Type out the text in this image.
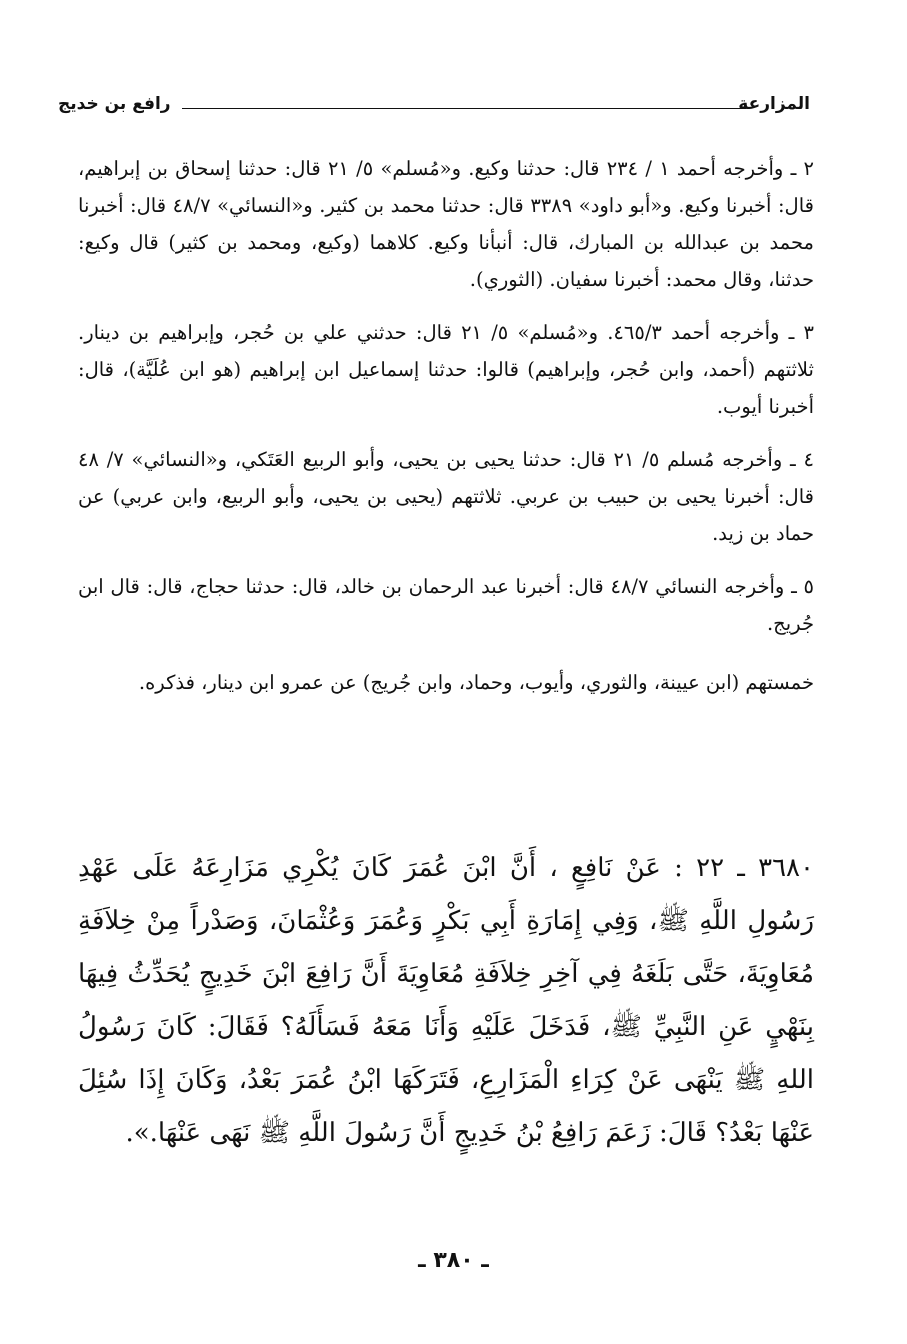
المزارعة
رافع بن خديج

٢ ـ وأخرجه أحمد ١ / ٢٣٤ قال: حدثنا وكيع. و«مُسلم» ٥/ ٢١ قال: حدثنا إسحاق بن إبراهيم، قال: أخبرنا وكيع. و«أبو داود» ٣٣٨٩ قال: حدثنا محمد بن كثير. و«النسائي» ٤٨/٧ قال: أخبرنا محمد بن عبدالله بن المبارك، قال: أنبأنا وكيع. كلاهما (وكيع، ومحمد بن كثير) قال وكيع: حدثنا، وقال محمد: أخبرنا سفيان. (الثوري).

٣ ـ وأخرجه أحمد ٤٦٥/٣. و«مُسلم» ٥/ ٢١ قال: حدثني علي بن حُجر، وإبراهيم بن دينار. ثلاثتهم (أحمد، وابن حُجر، وإبراهيم) قالوا: حدثنا إسماعيل ابن إبراهيم (هو ابن عُلَيَّة)، قال: أخبرنا أيوب.

٤ ـ وأخرجه مُسلم ٥/ ٢١ قال: حدثنا يحيى بن يحيى، وأبو الربيع العَتَكي، و«النسائي» ٧/ ٤٨ قال: أخبرنا يحيى بن حبيب بن عربي. ثلاثتهم (يحيى بن يحيى، وأبو الربيع، وابن عربي) عن حماد بن زيد.

٥ ـ وأخرجه النسائي ٤٨/٧ قال: أخبرنا عبد الرحمان بن خالد، قال: حدثنا حجاج، قال: قال ابن جُريج.

خمستهم (ابن عيينة، والثوري، وأيوب، وحماد، وابن جُريج) عن عمرو ابن دينار، فذكره.

٣٦٨٠ ـ ٢٢ : عَنْ نَافِعٍ ، أَنَّ ابْنَ عُمَرَ كَانَ يُكْرِي مَزَارِعَهُ عَلَى عَهْدِ رَسُولِ اللَّهِ ﷺ، وَفِي إِمَارَةِ أَبِي بَكْرٍ وَعُمَرَ وَعُثْمَانَ، وَصَدْراً مِنْ خِلاَفَةِ مُعَاوِيَةَ، حَتَّى بَلَغَهُ فِي آخِرِ خِلاَفَةِ مُعَاوِيَةَ أَنَّ رَافِعَ ابْنَ خَدِيجٍ يُحَدِّثُ فِيهَا بِنَهْيٍ عَنِ النَّبِيِّ ﷺ، فَدَخَلَ عَلَيْهِ وَأَنَا مَعَهُ فَسَأَلَهُ؟ فَقَالَ: كَانَ رَسُولُ اللهِ ﷺ يَنْهَى عَنْ كِرَاءِ الْمَزَارِعِ، فَتَرَكَهَا ابْنُ عُمَرَ بَعْدُ، وَكَانَ إِذَا سُئِلَ عَنْهَا بَعْدُ؟ قَالَ: زَعَمَ رَافِعُ بْنُ خَدِيجٍ أَنَّ رَسُولَ اللَّهِ ﷺ نَهَى عَنْهَا.».
ـ ٣٨٠ ـ
